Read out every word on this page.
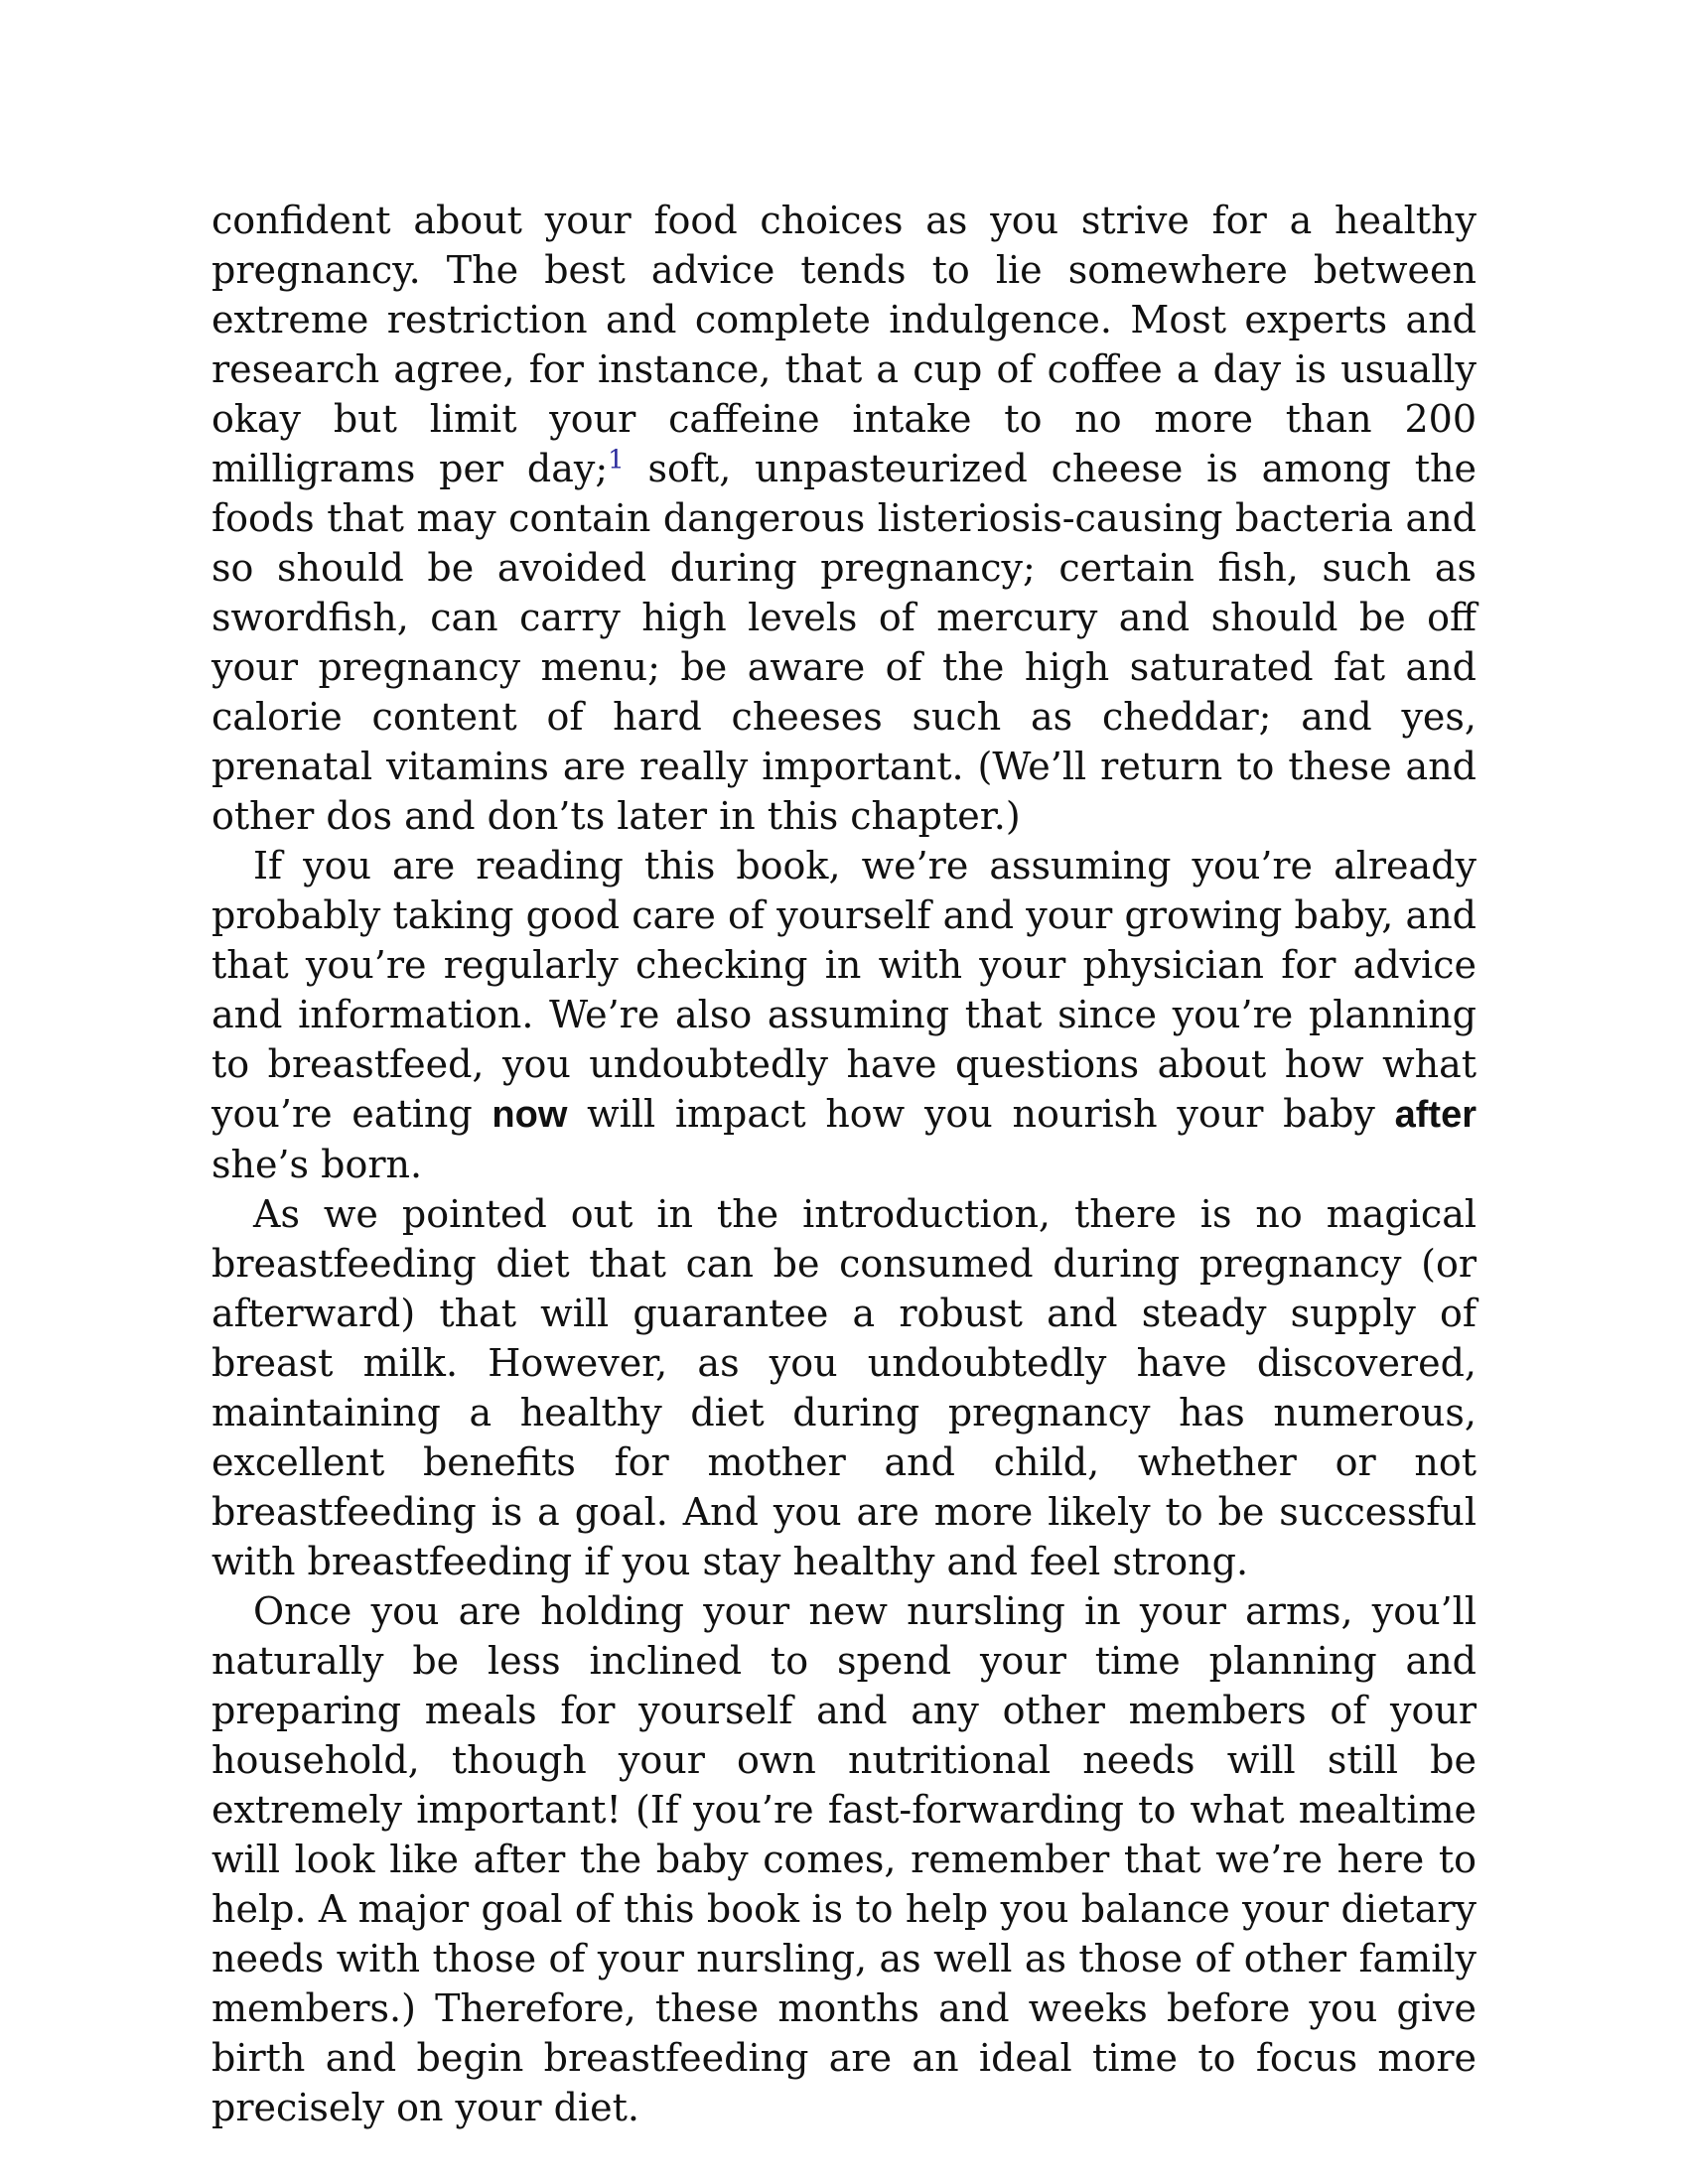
confident about your food choices as you strive for a healthy pregnancy. The best advice tends to lie somewhere between extreme restriction and complete indulgence. Most experts and research agree, for instance, that a cup of coffee a day is usually okay but limit your caffeine intake to no more than 200 milligrams per day;$^1$ soft, unpasteurized cheese is among the foods that may contain dangerous listeriosis-causing bacteria and so should be avoided during pregnancy; certain fish, such as swordfish, can carry high levels of mercury and should be off your pregnancy menu; be aware of the high saturated fat and calorie content of hard cheeses such as cheddar; and yes, prenatal vitamins are really important. (We’ll return to these and other dos and don’ts later in this chapter.)

If you are reading this book, we’re assuming you’re already probably taking good care of yourself and your growing baby, and that you’re regularly checking in with your physician for advice and information. We’re also assuming that since you’re planning to breastfeed, you undoubtedly have questions about how what you’re eating now will impact how you nourish your baby after she’s born.

As we pointed out in the introduction, there is no magical breastfeeding diet that can be consumed during pregnancy (or afterward) that will guarantee a robust and steady supply of breast milk. However, as you undoubtedly have discovered, maintaining a healthy diet during pregnancy has numerous, excellent benefits for mother and child, whether or not breastfeeding is a goal. And you are more likely to be successful with breastfeeding if you stay healthy and feel strong.

Once you are holding your new nursling in your arms, you’ll naturally be less inclined to spend your time planning and preparing meals for yourself and any other members of your household, though your own nutritional needs will still be extremely important! (If you’re fast-forwarding to what mealtime will look like after the baby comes, remember that we’re here to help. A major goal of this book is to help you balance your dietary needs with those of your nursling, as well as those of other family members.) Therefore, these months and weeks before you give birth and begin breastfeeding are an ideal time to focus more precisely on your diet.
